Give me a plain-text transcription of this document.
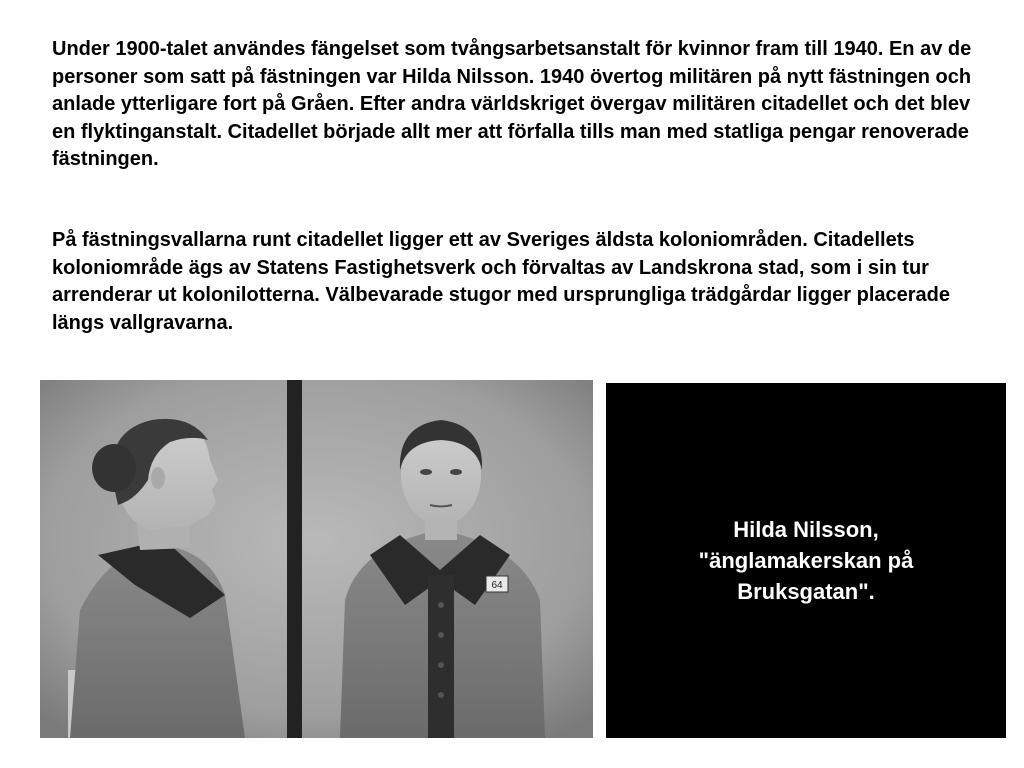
Under 1900-talet användes fängelset som tvångsarbetsanstalt för kvinnor fram till 1940. En av de personer som satt på fästningen var Hilda Nilsson. 1940 övertog militären på nytt fästningen och anlade ytterligare fort på Gråen. Efter andra världskriget övergav militären citadellet och det blev en flyktinganstalt. Citadellet började allt mer att förfalla tills man med statliga pengar renoverade fästningen.

På fästningsvallarna runt citadellet ligger ett av Sveriges äldsta koloniområden. Citadellets koloniområde ägs av Statens Fastighetsverk och förvaltas av Landskrona stad, som i sin tur arrenderar ut kolonilotterna. Välbevarade stugor med ursprungliga trädgårdar ligger placerade längs vallgravarna.

64

Hilda Nilsson,
"änglamakerskan på
Bruksgatan".
